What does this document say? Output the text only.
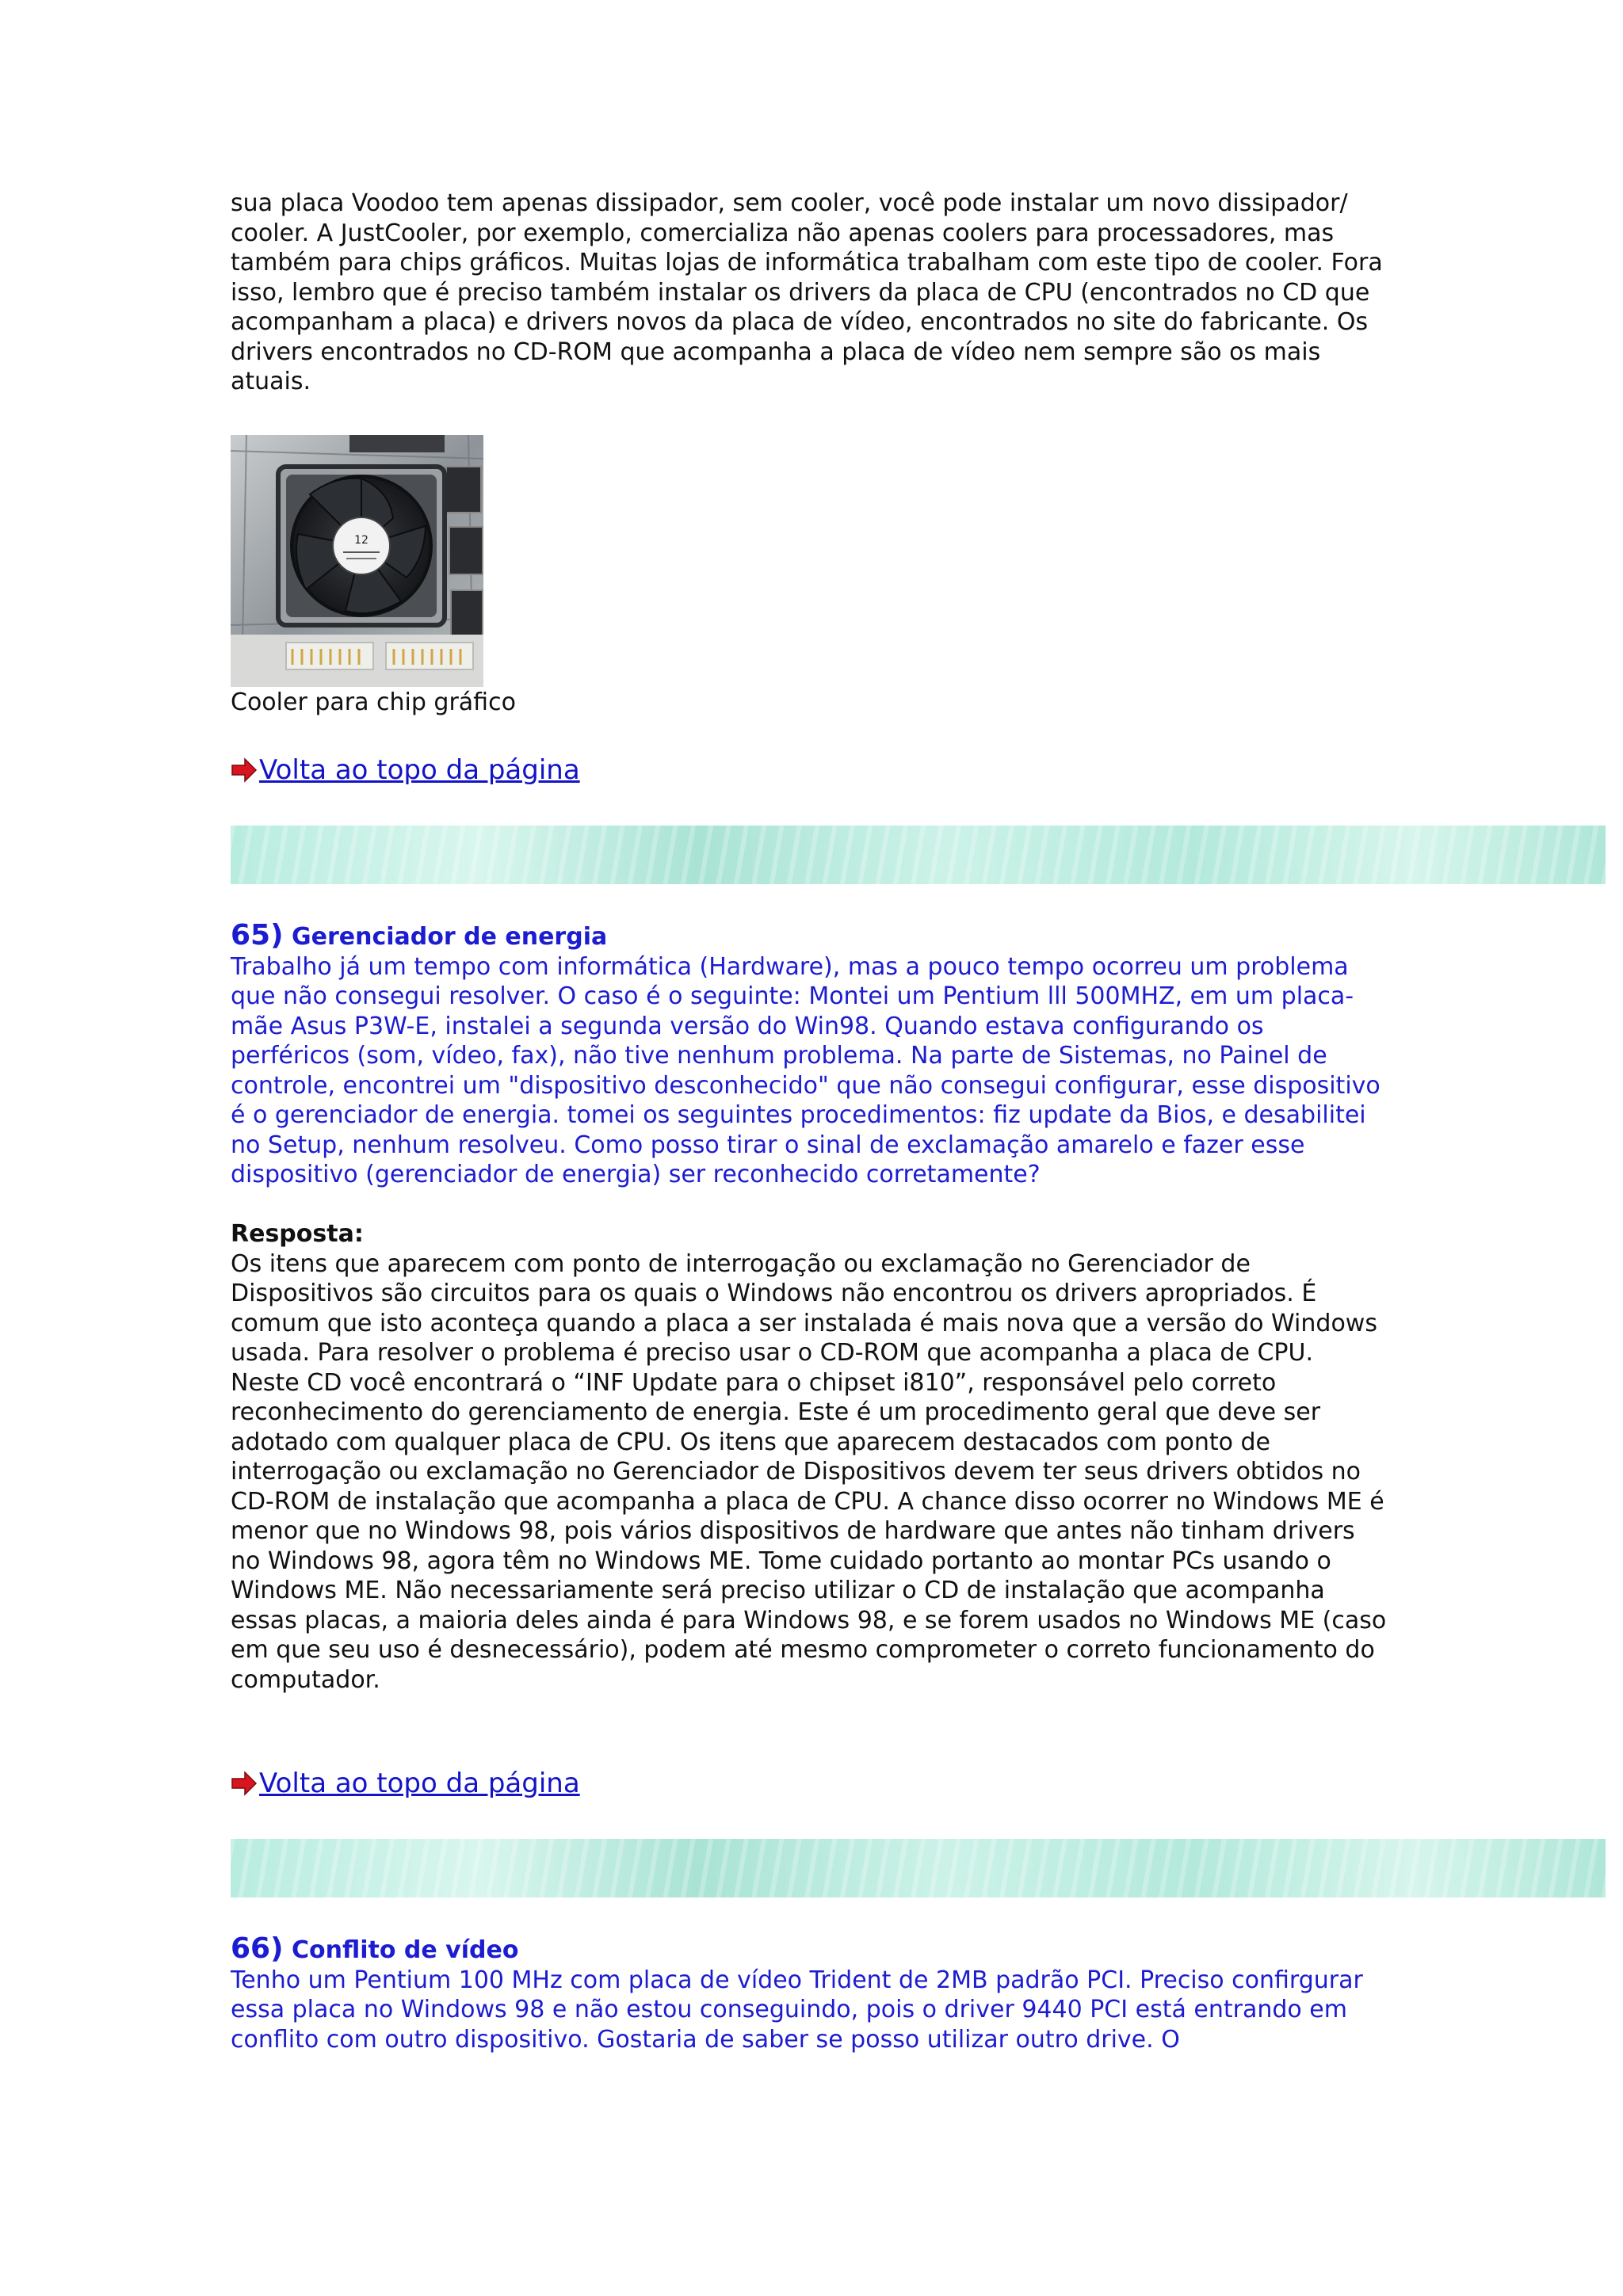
sua placa Voodoo tem apenas dissipador, sem cooler, você pode instalar um novo dissipador/ cooler. A JustCooler, por exemplo, comercializa não apenas coolers para processadores, mas também para chips gráficos. Muitas lojas de informática trabalham com este tipo de cooler. Fora isso, lembro que é preciso também instalar os drivers da placa de CPU (encontrados no CD que acompanham a placa) e drivers novos da placa de vídeo, encontrados no site do fabricante. Os drivers encontrados no CD-ROM que acompanha a placa de vídeo nem sempre são os mais atuais.

12

Cooler para chip gráfico

Volta ao topo da página

65) Gerenciador de energia

Trabalho já um tempo com informática (Hardware), mas a pouco tempo ocorreu um problema que não consegui resolver. O caso é o seguinte: Montei um Pentium lll 500MHZ, em um placa-mãe Asus P3W-E, instalei a segunda versão do Win98. Quando estava configurando os perféricos (som, vídeo, fax), não tive nenhum problema. Na parte de Sistemas, no Painel de controle, encontrei um "dispositivo desconhecido" que não consegui configurar, esse dispositivo é o gerenciador de energia. tomei os seguintes procedimentos: fiz update da Bios, e desabilitei no Setup, nenhum resolveu. Como posso tirar o sinal de exclamação amarelo e fazer esse dispositivo (gerenciador de energia) ser reconhecido corretamente?

Resposta:

Os itens que aparecem com ponto de interrogação ou exclamação no Gerenciador de Dispositivos são circuitos para os quais o Windows não encontrou os drivers apropriados. É comum que isto aconteça quando a placa a ser instalada é mais nova que a versão do Windows usada. Para resolver o problema é preciso usar o CD-ROM que acompanha a placa de CPU. Neste CD você encontrará o “INF Update para o chipset i810”, responsável pelo correto reconhecimento do gerenciamento de energia. Este é um procedimento geral que deve ser adotado com qualquer placa de CPU. Os itens que aparecem destacados com ponto de interrogação ou exclamação no Gerenciador de Dispositivos devem ter seus drivers obtidos no CD-ROM de instalação que acompanha a placa de CPU. A chance disso ocorrer no Windows ME é menor que no Windows 98, pois vários dispositivos de hardware que antes não tinham drivers no Windows 98, agora têm no Windows ME. Tome cuidado portanto ao montar PCs usando o Windows ME. Não necessariamente será preciso utilizar o CD de instalação que acompanha essas placas, a maioria deles ainda é para Windows 98, e se forem usados no Windows ME (caso em que seu uso é desnecessário), podem até mesmo comprometer o correto funcionamento do computador.

Volta ao topo da página

66) Conflito de vídeo

Tenho um Pentium 100 MHz com placa de vídeo Trident de 2MB padrão PCI. Preciso confirgurar essa placa no Windows 98 e não estou conseguindo, pois o driver 9440 PCI está entrando em conflito com outro dispositivo. Gostaria de saber se posso utilizar outro drive. O
